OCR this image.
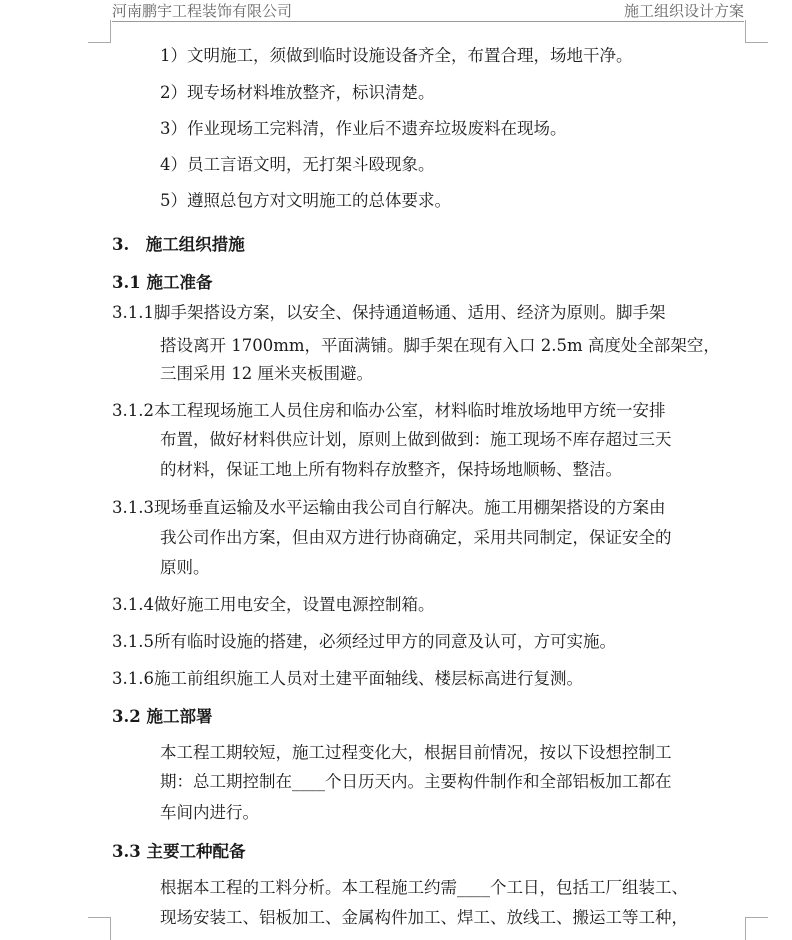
河南鹏宇工程装饰有限公司	施工组织设计方案
1）文明施工，须做到临时设施设备齐全，布置合理，场地干净。
2）现专场材料堆放整齐，标识清楚。
3）作业现场工完料清，作业后不遗弃垃圾废料在现场。
4）员工言语文明，无打架斗殴现象。
5）遵照总包方对文明施工的总体要求。
3.　施工组织措施
3.1 施工准备
3.1.1脚手架搭设方案，以安全、保持通道畅通、适用、经济为原则。脚手架
搭设离开 1700mm，平面满铺。脚手架在现有入口 2.5m 高度处全部架空，
三围采用 12 厘米夹板围避。
3.1.2本工程现场施工人员住房和临办公室，材料临时堆放场地甲方统一安排
布置，做好材料供应计划，原则上做到做到：施工现场不库存超过三天
的材料，保证工地上所有物料存放整齐，保持场地顺畅、整洁。
3.1.3现场垂直运输及水平运输由我公司自行解决。施工用棚架搭设的方案由
我公司作出方案，但由双方进行协商确定，采用共同制定，保证安全的
原则。
3.1.4做好施工用电安全，设置电源控制箱。
3.1.5所有临时设施的搭建，必须经过甲方的同意及认可，方可实施。
3.1.6施工前组织施工人员对土建平面轴线、楼层标高进行复测。
3.2 施工部署
本工程工期较短，施工过程变化大，根据目前情况，按以下设想控制工
期：总工期控制在____个日历天内。主要构件制作和全部铝板加工都在
车间内进行。
3.3 主要工种配备
根据本工程的工料分析。本工程施工约需____个工日，包括工厂组装工、
现场安装工、铝板加工、金属构件加工、焊工、放线工、搬运工等工种，
